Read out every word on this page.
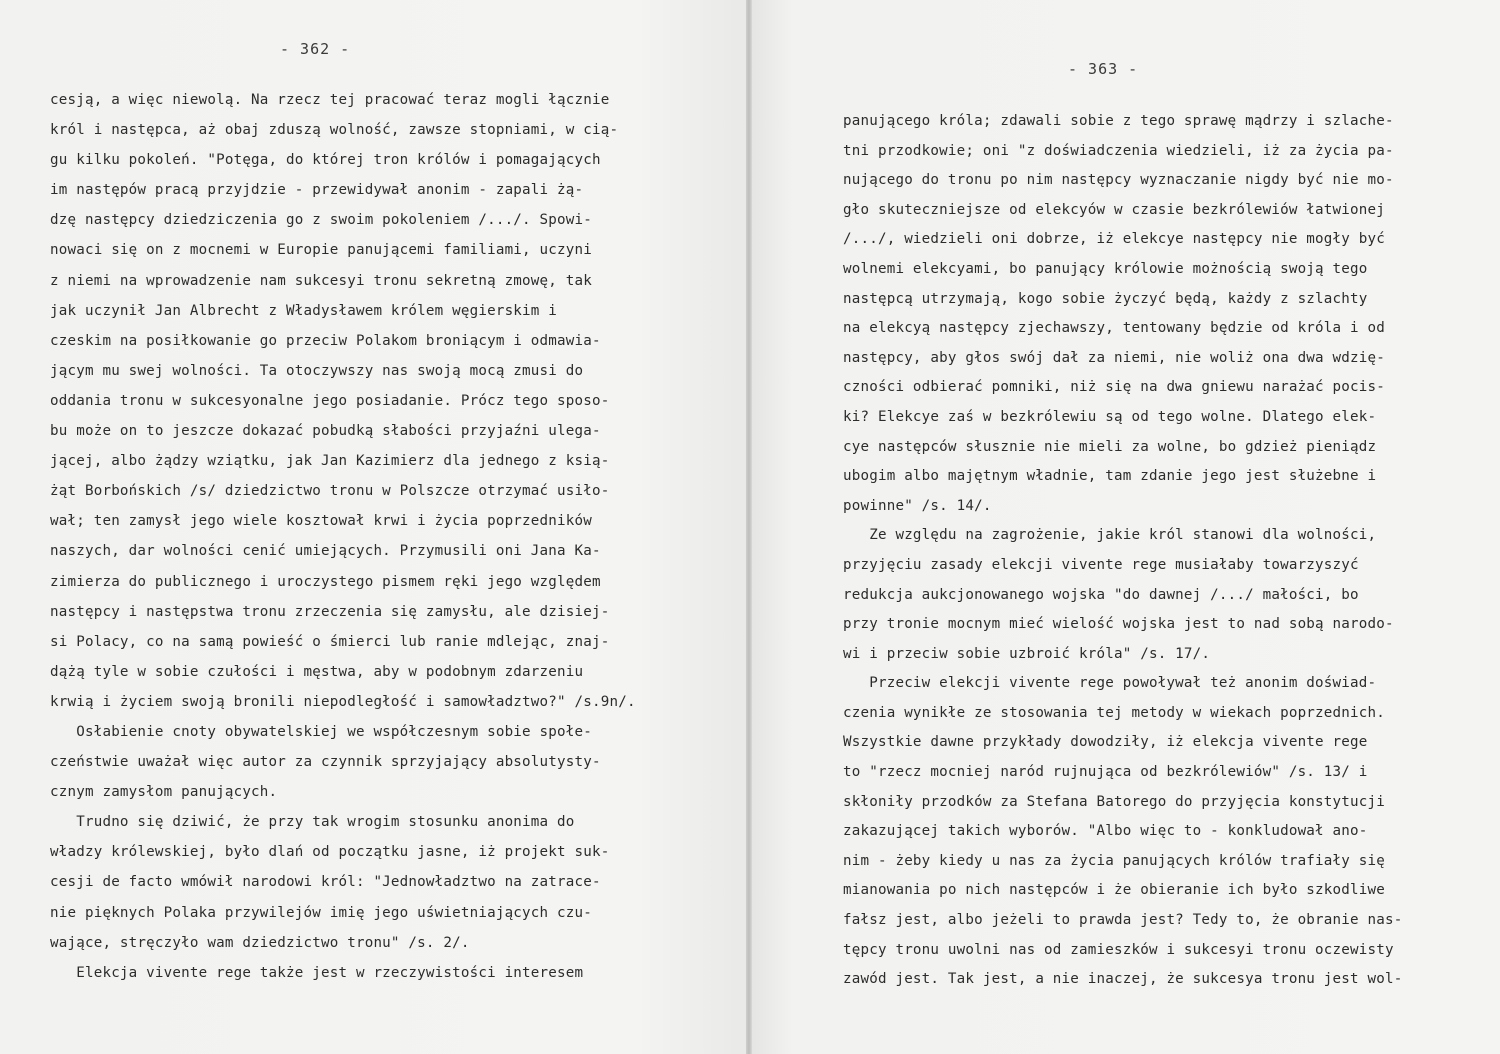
- 362 -
cesją, a więc niewolą. Na rzecz tej pracować teraz mogli łącznie
król i następca, aż obaj zduszą wolność, zawsze stopniami, w cią-
gu kilku pokoleń. "Potęga, do której tron królów i pomagających
im następów pracą przyjdzie - przewidywał anonim - zapali żą-
dzę następcy dziedziczenia go z swoim pokoleniem /.../. Spowi-
nowaci się on z mocnemi w Europie panującemi familiami, uczyni
z niemi na wprowadzenie nam sukcesyi tronu sekretną zmowę, tak
jak uczynił Jan Albrecht z Władysławem królem węgierskim i
czeskim na posiłkowanie go przeciw Polakom broniącym i odmawia-
jącym mu swej wolności. Ta otoczywszy nas swoją mocą zmusi do
oddania tronu w sukcesyonalne jego posiadanie. Prócz tego sposo-
bu może on to jeszcze dokazać pobudką słabości przyjaźni ulega-
jącej, albo żądzy wziątku, jak Jan Kazimierz dla jednego z ksią-
żąt Borbońskich /s/ dziedzictwo tronu w Polszcze otrzymać usiło-
wał; ten zamysł jego wiele kosztował krwi i życia poprzedników
naszych, dar wolności cenić umiejących. Przymusili oni Jana Ka-
zimierza do publicznego i uroczystego pismem ręki jego względem
następcy i następstwa tronu zrzeczenia się zamysłu, ale dzisiej-
si Polacy, co na samą powieść o śmierci lub ranie mdlejąc, znaj-
dążą tyle w sobie czułości i męstwa, aby w podobnym zdarzeniu
krwią i życiem swoją bronili niepodległość i samowładztwo?" /s.9n/.
Osłabienie cnoty obywatelskiej we współczesnym sobie społe-
czeństwie uważał więc autor za czynnik sprzyjający absolutysty-
cznym zamysłom panujących.
Trudno się dziwić, że przy tak wrogim stosunku anonima do
władzy królewskiej, było dlań od początku jasne, iż projekt suk-
cesji de facto wmówił narodowi król: "Jednowładztwo na zatrace-
nie pięknych Polaka przywilejów imię jego uświetniających czu-
wające, stręczyło wam dziedzictwo tronu" /s. 2/.
Elekcja vivente rege także jest w rzeczywistości interesem
- 363 -
panującego króla; zdawali sobie z tego sprawę mądrzy i szlache-
tni przodkowie; oni "z doświadczenia wiedzieli, iż za życia pa-
nującego do tronu po nim następcy wyznaczanie nigdy być nie mo-
gło skuteczniejsze od elekcyów w czasie bezkrólewiów łatwionej
/.../, wiedzieli oni dobrze, iż elekcye następcy nie mogły być
wolnemi elekcyami, bo panujący królowie możnością swoją tego
następcą utrzymają, kogo sobie życzyć będą, każdy z szlachty
na elekcyą następcy zjechawszy, tentowany będzie od króla i od
następcy, aby głos swój dał za niemi, nie woliż ona dwa wdzię-
czności odbierać pomniki, niż się na dwa gniewu narażać pocis-
ki? Elekcye zaś w bezkrólewiu są od tego wolne. Dlatego elek-
cye następców słusznie nie mieli za wolne, bo gdzież pieniądz
ubogim albo majętnym władnie, tam zdanie jego jest służebne i
powinne" /s. 14/.
Ze względu na zagrożenie, jakie król stanowi dla wolności,
przyjęciu zasady elekcji vivente rege musiałaby towarzyszyć
redukcja aukcjonowanego wojska "do dawnej /.../ małości, bo
przy tronie mocnym mieć wielość wojska jest to nad sobą narodo-
wi i przeciw sobie uzbroić króla" /s. 17/.
Przeciw elekcji vivente rege powoływał też anonim doświad-
czenia wynikłe ze stosowania tej metody w wiekach poprzednich.
Wszystkie dawne przykłady dowodziły, iż elekcja vivente rege
to "rzecz mocniej naród rujnująca od bezkrólewiów" /s. 13/ i
skłoniły przodków za Stefana Batorego do przyjęcia konstytucji
zakazującej takich wyborów. "Albo więc to - konkludował ano-
nim - żeby kiedy u nas za życia panujących królów trafiały się
mianowania po nich następców i że obieranie ich było szkodliwe
fałsz jest, albo jeżeli to prawda jest? Tedy to, że obranie nas-
tępcy tronu uwolni nas od zamieszków i sukcesyi tronu oczewisty
zawód jest. Tak jest, a nie inaczej, że sukcesya tronu jest wol-
